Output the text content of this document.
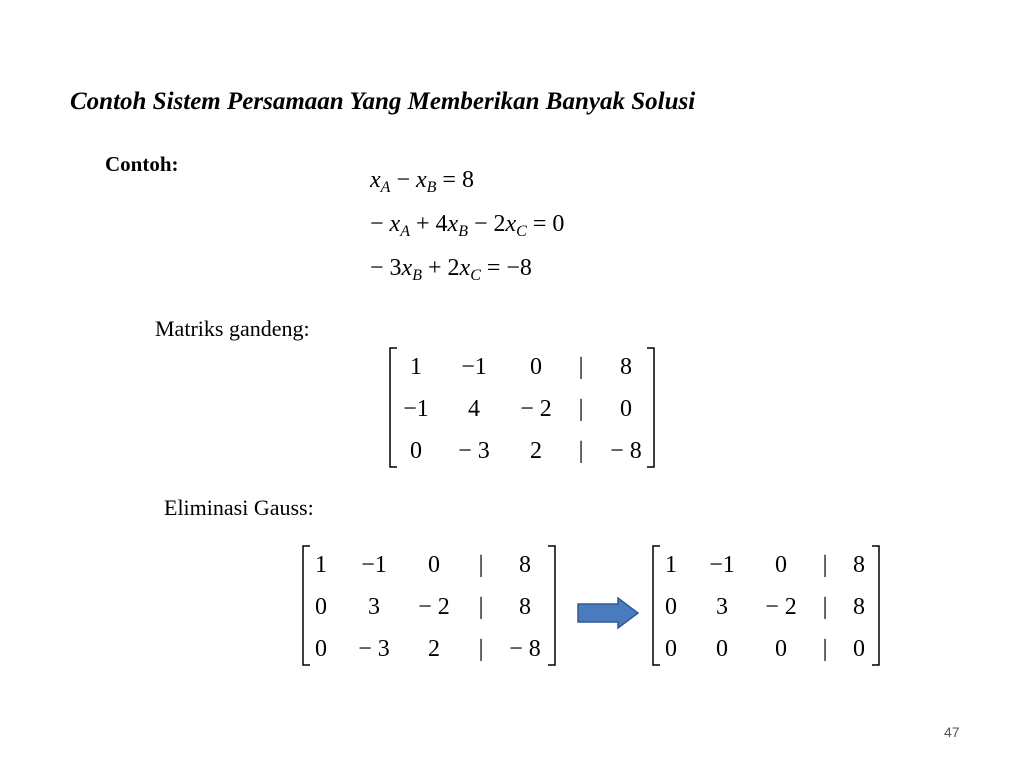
Contoh Sistem Persamaan Yang Memberikan Banyak Solusi
Contoh:
$x_A - x_B = 8$
− $x_A + 4x_B - 2x_C = 0$
− $3x_B + 2x_C = -8$
Matriks gandeng:
1 −1 0 | 8
−1 4 − 2 | 0
0 − 3 2 | − 8
Eliminasi Gauss:
1 −1 0 | 8
0 3 − 2 | 8
0 − 3 2 | − 8
1 −1 0 | 8
0 3 − 2 | 8
0 0 0 | 0
47
